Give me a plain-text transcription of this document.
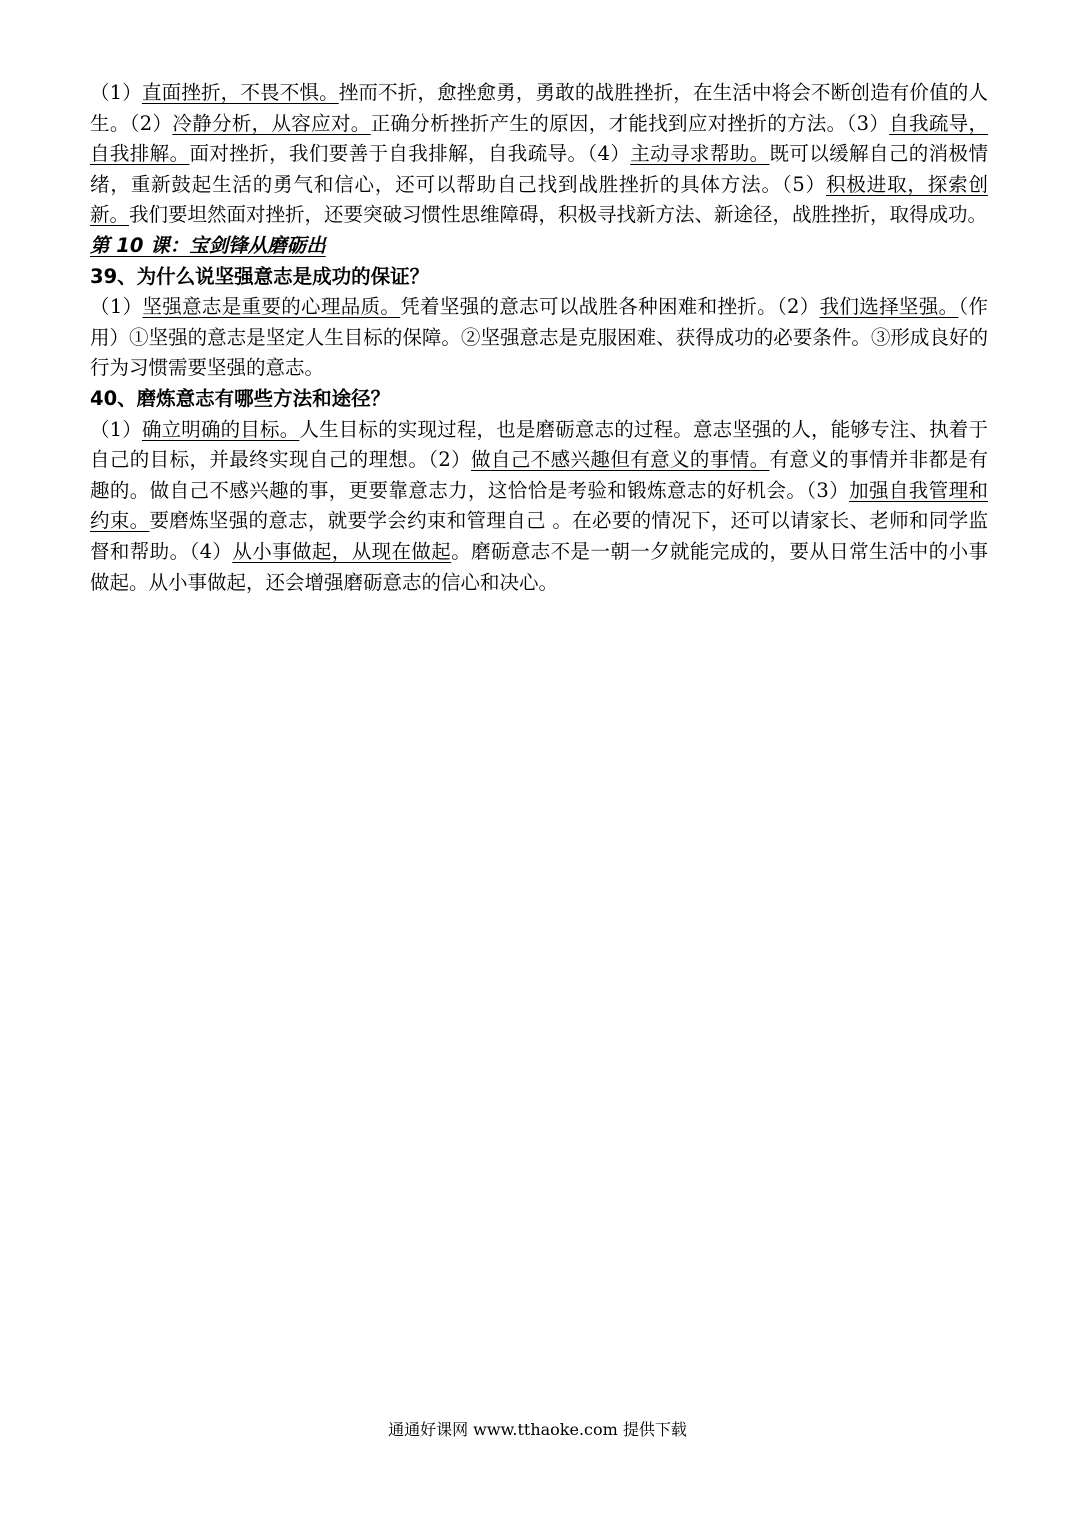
（1）直面挫折，不畏不惧。挫而不折，愈挫愈勇，勇敢的战胜挫折，在生活中将会不断创造有价值的人生。（2）冷静分析，从容应对。正确分析挫折产生的原因，才能找到应对挫折的方法。（3）自我疏导，自我排解。面对挫折，我们要善于自我排解，自我疏导。（4）主动寻求帮助。既可以缓解自己的消极情绪，重新鼓起生活的勇气和信心，还可以帮助自己找到战胜挫折的具体方法。（5）积极进取，探索创新。我们要坦然面对挫折，还要突破习惯性思维障碍，积极寻找新方法、新途径，战胜挫折，取得成功。

第 10 课：宝剑锋从磨砺出

39、为什么说坚强意志是成功的保证？

（1）坚强意志是重要的心理品质。凭着坚强的意志可以战胜各种困难和挫折。（2）我们选择坚强。（作用）①坚强的意志是坚定人生目标的保障。②坚强意志是克服困难、获得成功的必要条件。③形成良好的行为习惯需要坚强的意志。

40、磨炼意志有哪些方法和途径？

（1）确立明确的目标。人生目标的实现过程，也是磨砺意志的过程。意志坚强的人，能够专注、执着于自己的目标，并最终实现自己的理想。（2）做自己不感兴趣但有意义的事情。有意义的事情并非都是有趣的。做自己不感兴趣的事，更要靠意志力，这恰恰是考验和锻炼意志的好机会。（3）加强自我管理和约束。要磨炼坚强的意志，就要学会约束和管理自己 。在必要的情况下，还可以请家长、老师和同学监督和帮助。（4）从小事做起，从现在做起。磨砺意志不是一朝一夕就能完成的，要从日常生活中的小事做起。从小事做起，还会增强磨砺意志的信心和决心。

通通好课网 www.tthaoke.com 提供下载
